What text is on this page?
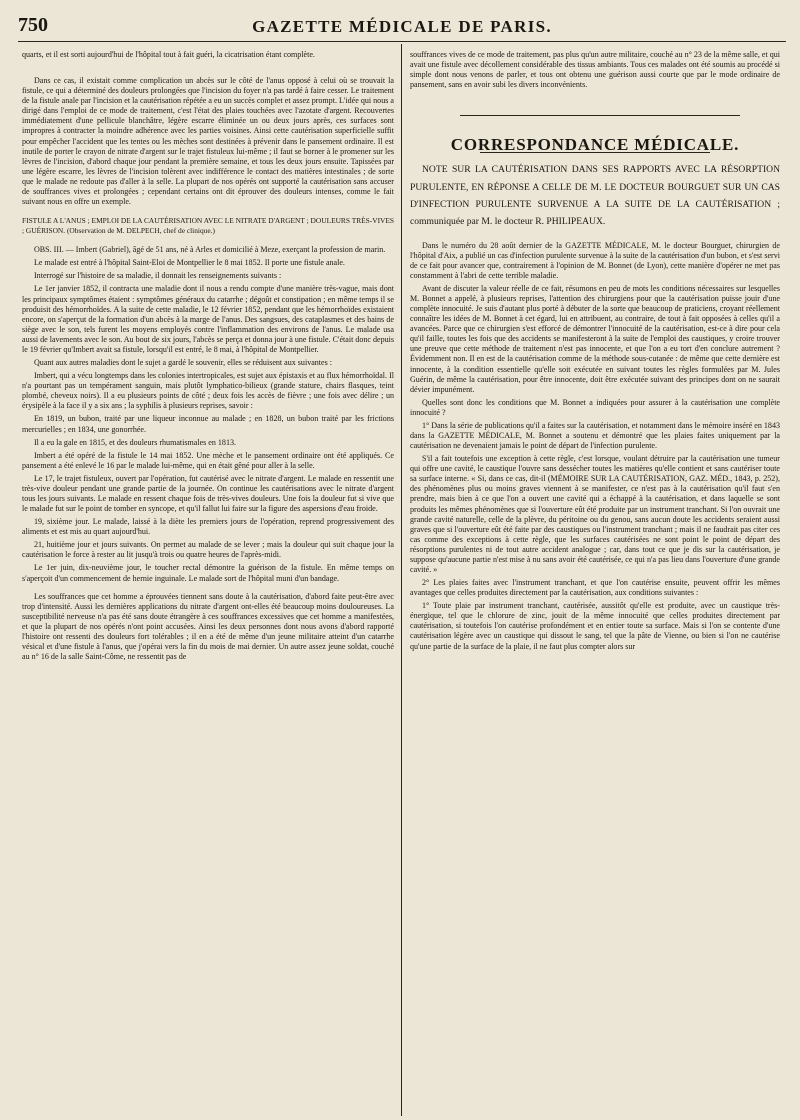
750	GAZETTE MÉDICALE DE PARIS.

quarts, et il est sorti aujourd'hui de l'hôpital tout à fait guéri, la cicatrisation étant complète.

Dans ce cas, il existait comme complication un abcès sur le côté de l'anus opposé à celui où se trouvait la fistule, ce qui a déterminé des douleurs prolongées que l'incision du foyer n'a pas tardé à faire cesser. Le traitement de la fistule anale par l'incision et la cautérisation répétée a eu un succès complet et assez prompt. L'idée qui nous a dirigé dans l'emploi de ce mode de traitement, c'est l'état des plaies touchées avec l'azotate d'argent. Recouvertes immédiatement d'une pellicule blanchâtre, légère escarre éliminée un ou deux jours après, ces surfaces sont impropres à contracter la moindre adhérence avec les parties voisines. Ainsi cette cautérisation superficielle suffit pour empêcher l'accident que les tentes ou les mèches sont destinées à prévenir dans le pansement ordinaire. Il est inutile de porter le crayon de nitrate d'argent sur le trajet fistuleux lui-même ; il faut se borner à le promener sur les lèvres de l'incision, d'abord chaque jour pendant la première semaine, et tous les deux jours ensuite. Tapissées par une légère escarre, les lèvres de l'incision tolèrent avec indifférence le contact des matières intestinales ; de sorte que le malade ne redoute pas d'aller à la selle. La plupart de nos opérés ont supporté la cautérisation sans accuser de souffrances vives et prolongées ; cependant certains ont dit éprouver des douleurs intenses, comme le fait suivant nous en offre un exemple.

FISTULE A L'ANUS ; EMPLOI DE LA CAUTÉRISATION AVEC LE NITRATE D'ARGENT ; DOULEURS TRÈS-VIVES ; GUÉRISON. (Observation de M. DELPECH, chef de clinique.)

OBS. III. — Imbert (Gabriel), âgé de 51 ans, né à Arles et domicilié à Meze, exerçant la profession de marin.

Le malade est entré à l'hôpital Saint-Eloi de Montpellier le 8 mai 1852. Il porte une fistule anale.

Interrogé sur l'histoire de sa maladie, il donnait les renseignements suivants :

Le 1er janvier 1852, il contracta une maladie dont il nous a rendu compte d'une manière très-vague, mais dont les principaux symptômes étaient : symptômes généraux du catarrhe ; dégoût et constipation ; en même temps il se produisit des hémorrhoïdes. A la suite de cette maladie, le 12 février 1852, pendant que les hémorrhoïdes existaient encore, on s'aperçut de la formation d'un abcès à la marge de l'anus. Des sangsues, des cataplasmes et des bains de siège avec le son, tels furent les moyens employés contre l'inflammation des environs de l'anus. Le malade usa aussi de lavements avec le son. Au bout de six jours, l'abcès se perça et donna jour à une fistule. C'était donc depuis le 19 février qu'Imbert avait sa fistule, lorsqu'il est entré, le 8 mai, à l'hôpital de Montpellier.

Quant aux autres maladies dont le sujet a gardé le souvenir, elles se réduisent aux suivantes :

Imbert, qui a vécu longtemps dans les colonies intertropicales, est sujet aux épistaxis et au flux hémorrhoïdal. Il n'a pourtant pas un tempérament sanguin, mais plutôt lymphatico-bilieux (grande stature, chairs flasques, teint plombé, cheveux noirs). Il a eu plusieurs points de côté ; deux fois les accès de fièvre ; une fois avec délire ; un érysipèle à la face il y a six ans ; la syphilis à plusieurs reprises, savoir :

En 1819, un bubon, traité par une liqueur inconnue au malade ; en 1828, un bubon traité par les frictions mercurielles ; en 1834, une gonorrhée.

Il a eu la gale en 1815, et des douleurs rhumatismales en 1813.

Imbert a été opéré de la fistule le 14 mai 1852. Une mèche et le pansement ordinaire ont été appliqués. Ce pansement a été enlevé le 16 par le malade lui-même, qui en était gêné pour aller à la selle.

Le 17, le trajet fistuleux, ouvert par l'opération, fut cautérisé avec le nitrate d'argent. Le malade en ressentit une très-vive douleur pendant une grande partie de la journée. On continue les cautérisations avec le nitrate d'argent tous les jours suivants. Le malade en ressent chaque fois de très-vives douleurs. Une fois la douleur fut si vive que le malade fut sur le point de tomber en syncope, et qu'il fallut lui faire sur la figure des aspersions d'eau froide.

19, sixième jour. Le malade, laissé à la diète les premiers jours de l'opération, reprend progressivement des aliments et est mis au quart aujourd'hui.

21, huitième jour et jours suivants. On permet au malade de se lever ; mais la douleur qui suit chaque jour la cautérisation le force à rester au lit jusqu'à trois ou quatre heures de l'après-midi.

Le 1er juin, dix-neuvième jour, le toucher rectal démontre la guérison de la fistule. En même temps on s'aperçoit d'un commencement de hernie inguinale. Le malade sort de l'hôpital muni d'un bandage.

Les souffrances que cet homme a éprouvées tiennent sans doute à la cautérisation, d'abord faite peut-être avec trop d'intensité. Aussi les dernières applications du nitrate d'argent ont-elles été beaucoup moins douloureuses. La susceptibilité nerveuse n'a pas été sans doute étrangère à ces souffrances excessives que cet homme a manifestées, et que la plupart de nos opérés n'ont point accusées. Ainsi les deux personnes dont nous avons d'abord rapporté l'histoire ont ressenti des douleurs fort tolérables ; il en a été de même d'un jeune militaire atteint d'un catarrhe vésical et d'une fistule à l'anus, que j'opérai vers la fin du mois de mai dernier. Un autre assez jeune soldat, couché au n° 16 de la salle Saint-Côme, ne ressentit pas de

souffrances vives de ce mode de traitement, pas plus qu'un autre militaire, couché au n° 23 de la même salle, et qui avait une fistule avec décollement considérable des tissus ambiants. Tous ces malades ont été soumis au procédé si simple dont nous venons de parler, et tous ont obtenu une guérison aussi courte que par le mode ordinaire de pansement, sans en avoir subi les divers inconvénients.

CORRESPONDANCE MÉDICALE.
NOTE SUR LA CAUTÉRISATION DANS SES RAPPORTS AVEC LA RÉSORPTION PURULENTE, EN RÉPONSE A CELLE DE M. LE DOCTEUR BOURGUET SUR UN CAS D'INFECTION PURULENTE SURVENUE A LA SUITE DE LA CAUTÉRISATION ; communiquée par M. le docteur R. PHILIPEAUX.

Dans le numéro du 28 août dernier de la GAZETTE MÉDICALE, M. le docteur Bourguet, chirurgien de l'hôpital d'Aix, a publié un cas d'infection purulente survenue à la suite de la cautérisation d'un bubon, et s'est servi de ce fait pour avancer que, contrairement à l'opinion de M. Bonnet (de Lyon), cette manière d'opérer ne met pas constamment à l'abri de cette terrible maladie.

Avant de discuter la valeur réelle de ce fait, résumons en peu de mots les conditions nécessaires sur lesquelles M. Bonnet a appelé, à plusieurs reprises, l'attention des chirurgiens pour que la cautérisation puisse jouir d'une complète innocuité. Je suis d'autant plus porté à débuter de la sorte que beaucoup de praticiens, croyant réellement connaître les idées de M. Bonnet à cet égard, lui en attribuent, au contraire, de tout à fait opposées à celles qu'il a avancées. Parce que ce chirurgien s'est efforcé de démontrer l'innocuité de la cautérisation, est-ce à dire pour cela qu'il faille, toutes les fois que des accidents se manifesteront à la suite de l'emploi des caustiques, y croire trouver une preuve que cette méthode de traitement n'est pas innocente, et que l'on a eu tort d'en conclure autrement ? Évidemment non. Il en est de la cautérisation comme de la méthode sous-cutanée : de même que cette dernière est innocente, à la condition essentielle qu'elle soit exécutée en suivant toutes les règles formulées par M. Jules Guérin, de même la cautérisation, pour être innocente, doit être exécutée suivant des principes dont on ne saurait dévier impunément.

Quelles sont donc les conditions que M. Bonnet a indiquées pour assurer à la cautérisation une complète innocuité ?

1° Dans la série de publications qu'il a faites sur la cautérisation, et notamment dans le mémoire inséré en 1843 dans la GAZETTE MÉDICALE, M. Bonnet a soutenu et démontré que les plaies faites uniquement par la cautérisation ne devenaient jamais le point de départ de l'infection purulente.

S'il a fait toutefois une exception à cette règle, c'est lorsque, voulant détruire par la cautérisation une tumeur qui offre une cavité, le caustique l'ouvre sans dessécher toutes les matières qu'elle contient et sans cautériser toute sa surface interne. « Si, dans ce cas, dit-il (MÉMOIRE SUR LA CAUTÉRISATION, GAZ. MÉD., 1843, p. 252), des phénomènes plus ou moins graves viennent à se manifester, ce n'est pas à la cautérisation qu'il faut s'en prendre, mais bien à ce que l'on a ouvert une cavité qui a échappé à la cautérisation, et dans laquelle se sont produits les mêmes phénomènes que si l'ouverture eût été produite par un instrument tranchant. Si l'on ouvrait une grande cavité naturelle, celle de la plèvre, du péritoine ou du genou, sans aucun doute les accidents seraient aussi graves que si l'ouverture eût été faite par des caustiques ou l'instrument tranchant ; mais il ne faudrait pas citer ces cas comme des exceptions à cette règle, que les surfaces cautérisées ne sont point le point de départ des résorptions purulentes ni de tout autre accident analogue ; car, dans tout ce que je dis sur la cautérisation, je suppose qu'aucune partie n'est mise à nu sans avoir été cautérisée, ce qui n'a pas lieu dans l'ouverture d'une grande cavité. »

2° Les plaies faites avec l'instrument tranchant, et que l'on cautérise ensuite, peuvent offrir les mêmes avantages que celles produites directement par la cautérisation, aux conditions suivantes :

1° Toute plaie par instrument tranchant, cautérisée, aussitôt qu'elle est produite, avec un caustique très-énergique, tel que le chlorure de zinc, jouit de la même innocuité que celles produites directement par cautérisation, si toutefois l'on cautérise profondément et en entier toute sa surface. Mais si l'on se contente d'une cautérisation légère avec un caustique qui dissout le sang, tel que la pâte de Vienne, ou bien si l'on ne cautérise qu'une partie de la surface de la plaie, il ne faut plus compter alors sur
